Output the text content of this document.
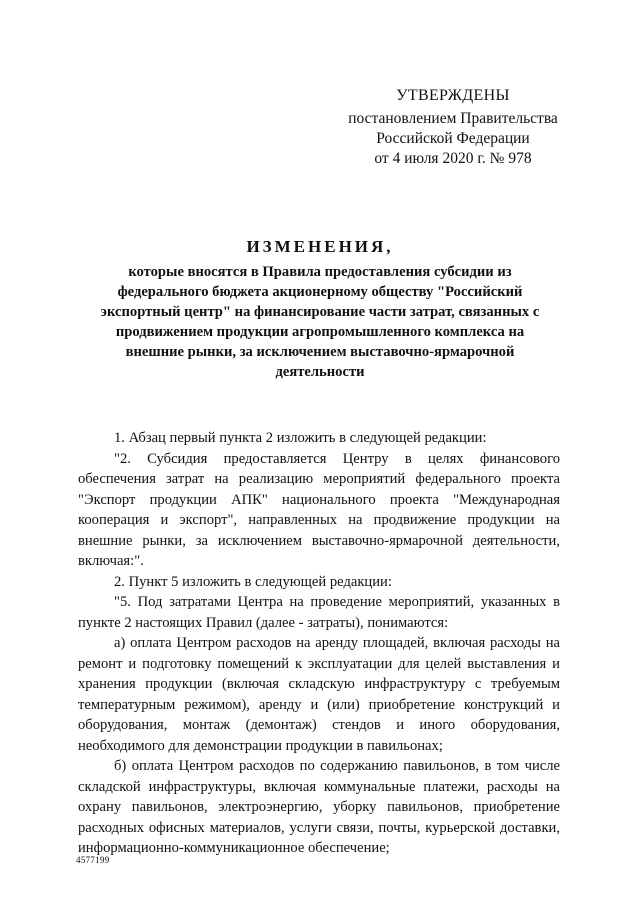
УТВЕРЖДЕНЫ
постановлением Правительства
Российской Федерации
от 4 июля 2020 г. № 978
ИЗМЕНЕНИЯ,
которые вносятся в Правила предоставления субсидии из федерального бюджета акционерному обществу "Российский экспортный центр" на финансирование части затрат, связанных с продвижением продукции агропромышленного комплекса на внешние рынки, за исключением выставочно-ярмарочной деятельности

1. Абзац первый пункта 2 изложить в следующей редакции:

"2. Субсидия предоставляется Центру в целях финансового обеспечения затрат на реализацию мероприятий федерального проекта "Экспорт продукции АПК" национального проекта "Международная кооперация и экспорт", направленных на продвижение продукции на внешние рынки, за исключением выставочно-ярмарочной деятельности, включая:".

2. Пункт 5 изложить в следующей редакции:

"5. Под затратами Центра на проведение мероприятий, указанных в пункте 2 настоящих Правил (далее - затраты), понимаются:

а) оплата Центром расходов на аренду площадей, включая расходы на ремонт и подготовку помещений к эксплуатации для целей выставления и хранения продукции (включая складскую инфраструктуру с требуемым температурным режимом), аренду и (или) приобретение конструкций и оборудования, монтаж (демонтаж) стендов и иного оборудования, необходимого для демонстрации продукции в павильонах;

б) оплата Центром расходов по содержанию павильонов, в том числе складской инфраструктуры, включая коммунальные платежи, расходы на охрану павильонов, электроэнергию, уборку павильонов, приобретение расходных офисных материалов, услуги связи, почты, курьерской доставки, информационно-коммуникационное обеспечение;

4577199
